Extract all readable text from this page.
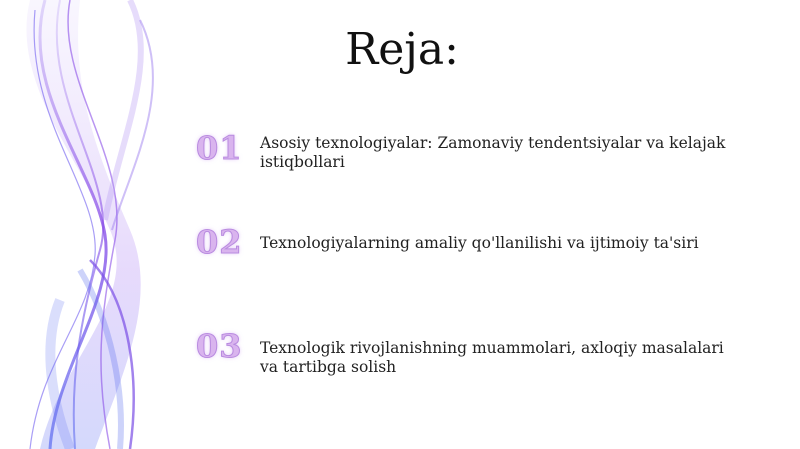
Reja:
01 Asosiy texnologiyalar: Zamonaviy tendentsiyalar va kelajak istiqbollari
02 Texnologiyalarning amaliy qo'llanilishi va ijtimoiy ta'siri
03 Texnologik rivojlanishning muammolari, axloqiy masalalari va tartibga solish
